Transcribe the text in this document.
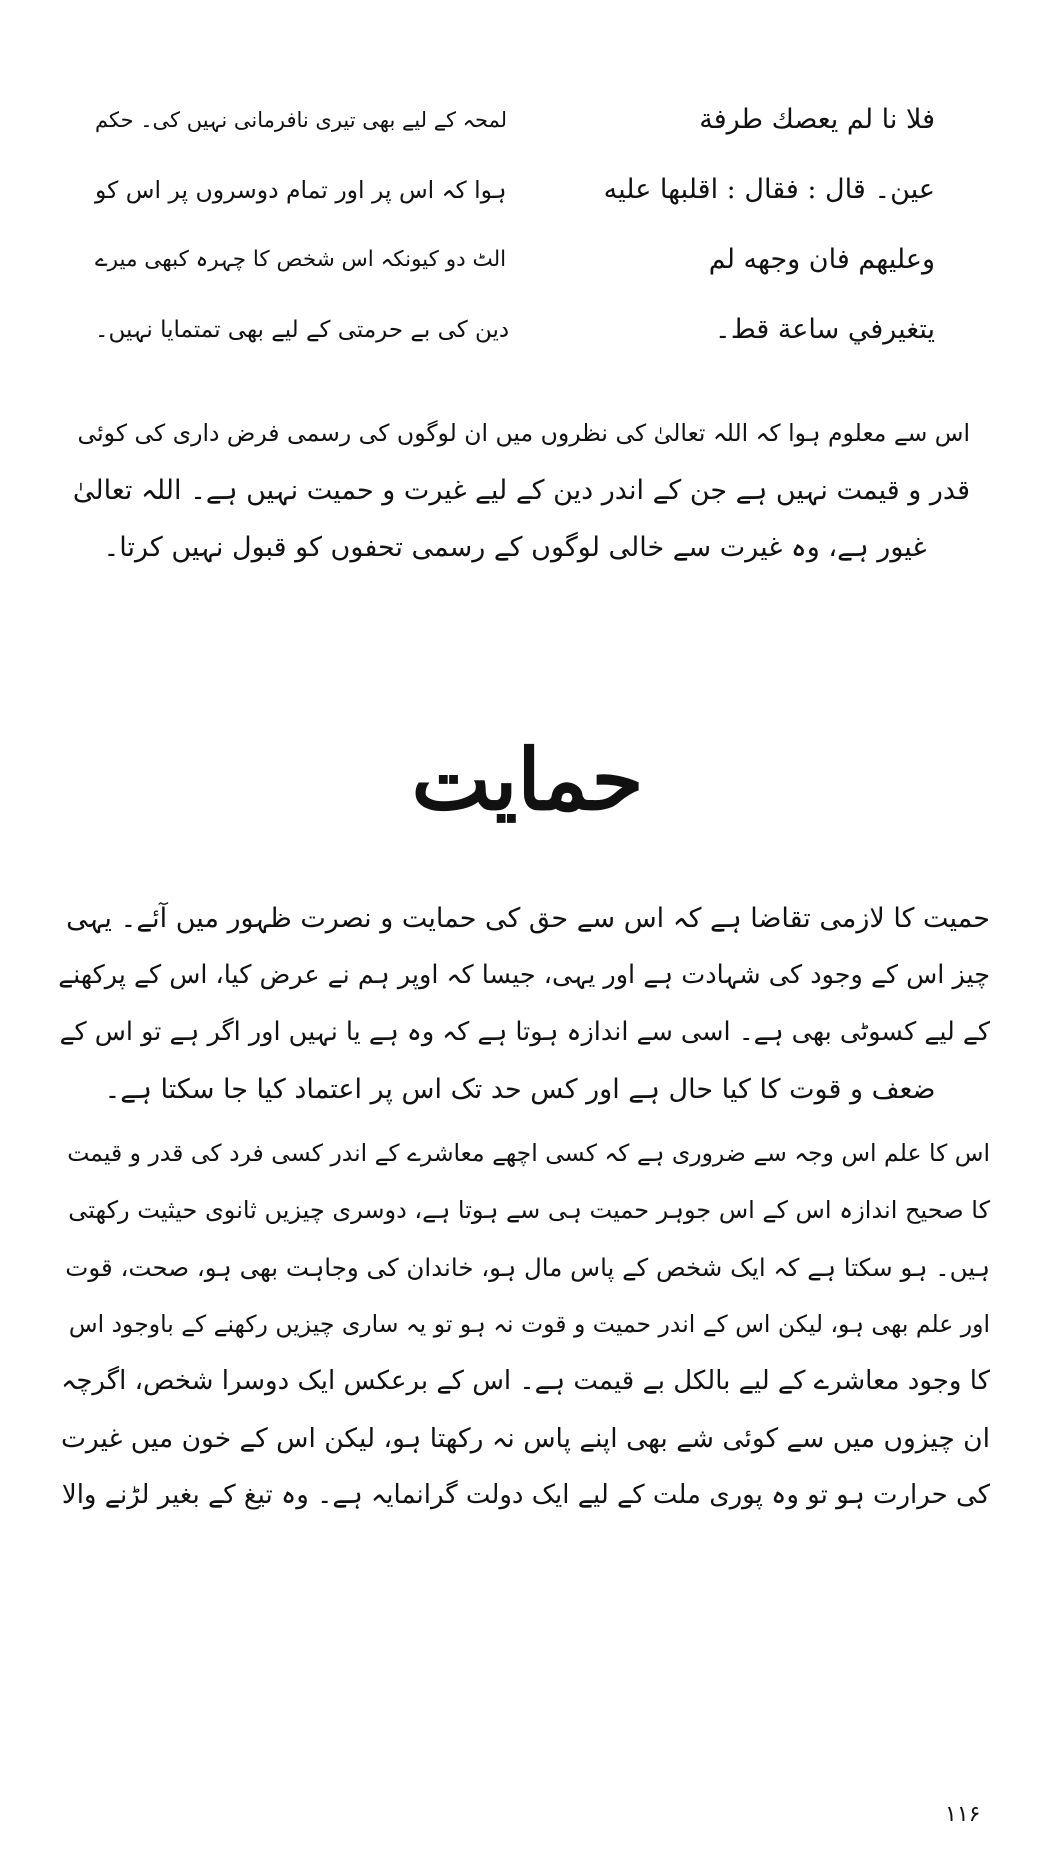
فلا نا لم يعصك طرفة
لمحہ کے لیے بھی تیری نافرمانی نہیں کی۔ حکم
عين۔ قال : فقال : اقلبها عليه
ہوا کہ اس پر اور تمام دوسروں پر اس کو
وعليهم فان وجهه لم
الٹ دو کیونکہ اس شخص کا چہرہ کبھی میرے
يتغيرفي ساعة قط۔
دین کی بے حرمتی کے لیے بھی تمتمایا نہیں۔
اس سے معلوم ہوا کہ اللہ تعالیٰ کی نظروں میں ان لوگوں کی رسمی فرض داری کی کوئی
قدر و قیمت نہیں ہے جن کے اندر دین کے لیے غیرت و حمیت نہیں ہے۔ اللہ تعالیٰ
غیور ہے، وہ غیرت سے خالی لوگوں کے رسمی تحفوں کو قبول نہیں کرتا۔
حمایت
حمیت کا لازمی تقاضا ہے کہ اس سے حق کی حمایت و نصرت ظہور میں آئے۔ یہی
چیز اس کے وجود کی شہادت ہے اور یہی، جیسا کہ اوپر ہم نے عرض کیا، اس کے پرکھنے
کے لیے کسوٹی بھی ہے۔ اسی سے اندازہ ہوتا ہے کہ وہ ہے یا نہیں اور اگر ہے تو اس کے
ضعف و قوت کا کیا حال ہے اور کس حد تک اس پر اعتماد کیا جا سکتا ہے۔
اس کا علم اس وجہ سے ضروری ہے کہ کسی اچھے معاشرے کے اندر کسی فرد کی قدر و قیمت
کا صحیح اندازہ اس کے اس جوہر حمیت ہی سے ہوتا ہے، دوسری چیزیں ثانوی حیثیت رکھتی
ہیں۔ ہو سکتا ہے کہ ایک شخص کے پاس مال ہو، خاندان کی وجاہت بھی ہو، صحت، قوت
اور علم بھی ہو، لیکن اس کے اندر حمیت و قوت نہ ہو تو یہ ساری چیزیں رکھنے کے باوجود اس
کا وجود معاشرے کے لیے بالکل بے قیمت ہے۔ اس کے برعکس ایک دوسرا شخص، اگرچہ
ان چیزوں میں سے کوئی شے بھی اپنے پاس نہ رکھتا ہو، لیکن اس کے خون میں غیرت
کی حرارت ہو تو وہ پوری ملت کے لیے ایک دولت گرانمایہ ہے۔ وہ تیغ کے بغیر لڑنے والا
۱۱۶
